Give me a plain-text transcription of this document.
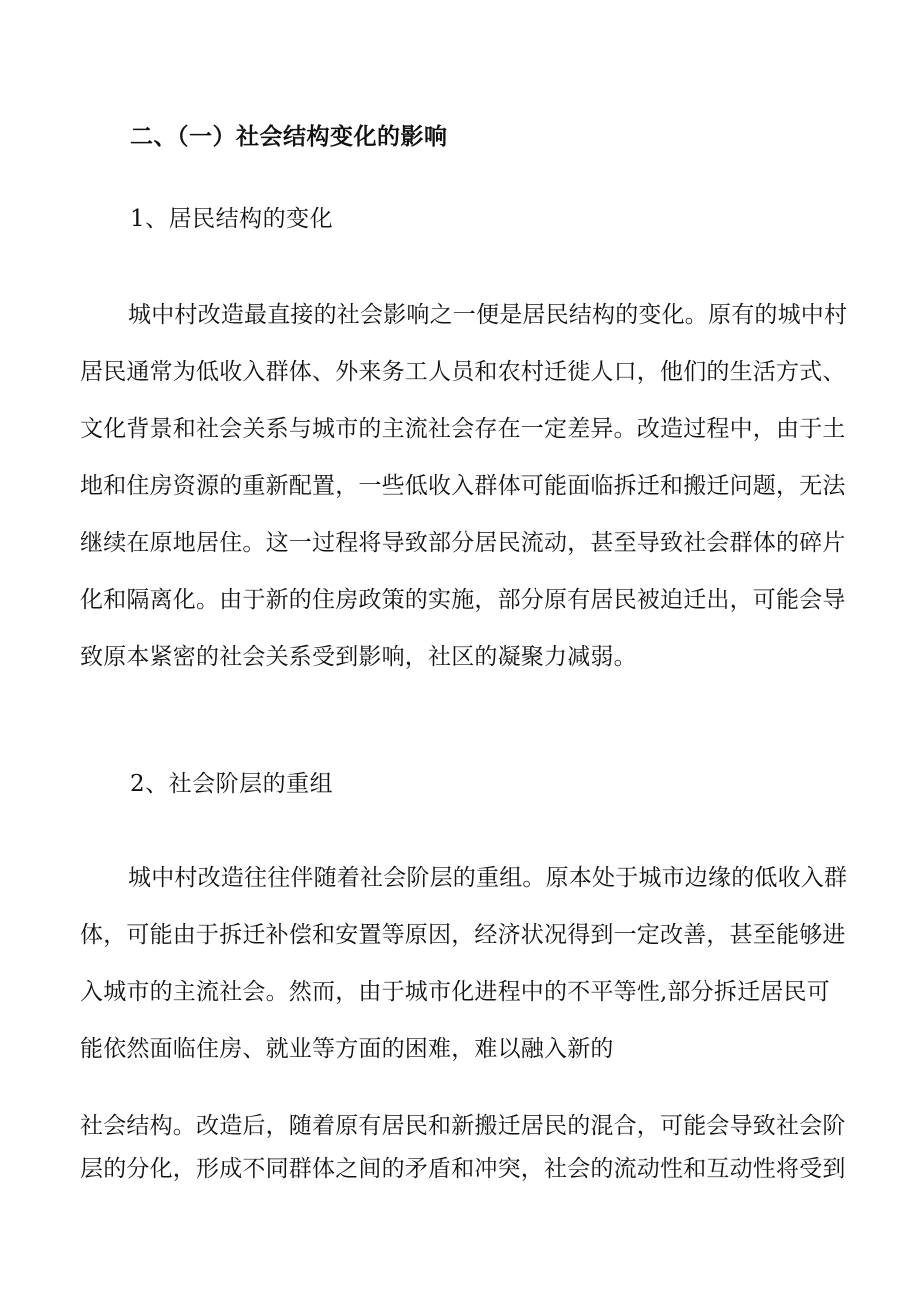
二、（一）社会结构变化的影响
1、居民结构的变化
城中村改造最直接的社会影响之一便是居民结构的变化。原有的城中村
居民通常为低收入群体、外来务工人员和农村迁徙人口，他们的生活方式、
文化背景和社会关系与城市的主流社会存在一定差异。改造过程中，由于土
地和住房资源的重新配置，一些低收入群体可能面临拆迁和搬迁问题，无法
继续在原地居住。这一过程将导致部分居民流动，甚至导致社会群体的碎片
化和隔离化。由于新的住房政策的实施，部分原有居民被迫迁出，可能会导
致原本紧密的社会关系受到影响，社区的凝聚力减弱。
2、社会阶层的重组
城中村改造往往伴随着社会阶层的重组。原本处于城市边缘的低收入群
体，可能由于拆迁补偿和安置等原因，经济状况得到一定改善，甚至能够进
入城市的主流社会。然而，由于城市化进程中的不平等性,部分拆迁居民可
能依然面临住房、就业等方面的困难，难以融入新的
社会结构。改造后，随着原有居民和新搬迁居民的混合，可能会导致社会阶
层的分化，形成不同群体之间的矛盾和冲突，社会的流动性和互动性将受到
